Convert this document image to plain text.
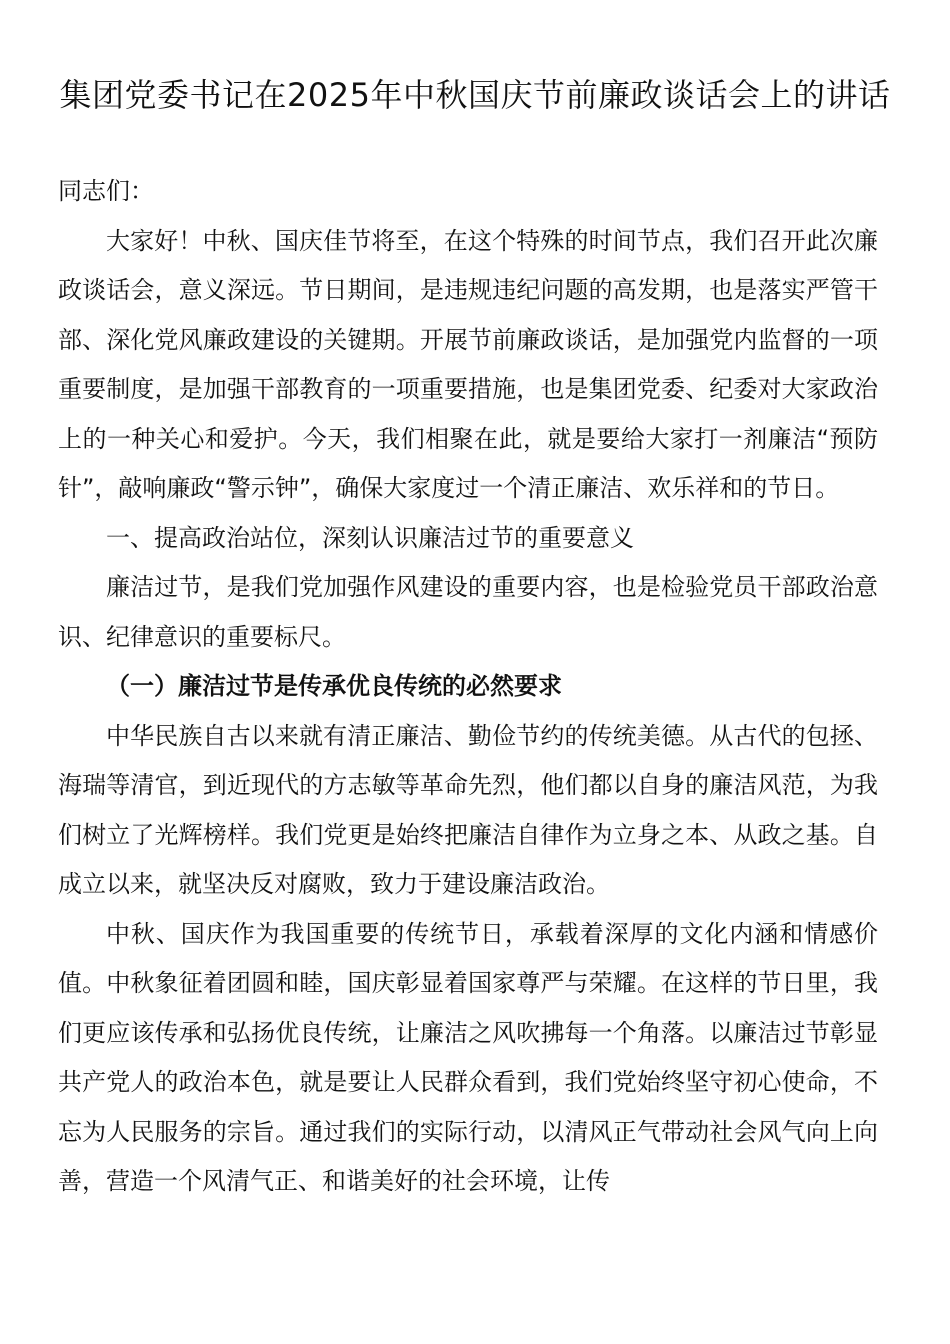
集团党委书记在2025年中秋国庆节前廉政谈话会上的讲话

同志们：

大家好！中秋、国庆佳节将至，在这个特殊的时间节点，我们召开此次廉政谈话会，意义深远。节日期间，是违规违纪问题的高发期，也是落实严管干部、深化党风廉政建设的关键期。开展节前廉政谈话，是加强党内监督的一项重要制度，是加强干部教育的一项重要措施，也是集团党委、纪委对大家政治上的一种关心和爱护。今天，我们相聚在此，就是要给大家打一剂廉洁“预防针”，敲响廉政“警示钟”，确保大家度过一个清正廉洁、欢乐祥和的节日。

一、提高政治站位，深刻认识廉洁过节的重要意义

廉洁过节，是我们党加强作风建设的重要内容，也是检验党员干部政治意识、纪律意识的重要标尺。

（一）廉洁过节是传承优良传统的必然要求

中华民族自古以来就有清正廉洁、勤俭节约的传统美德。从古代的包拯、海瑞等清官，到近现代的方志敏等革命先烈，他们都以自身的廉洁风范，为我们树立了光辉榜样。我们党更是始终把廉洁自律作为立身之本、从政之基。自成立以来，就坚决反对腐败，致力于建设廉洁政治。

中秋、国庆作为我国重要的传统节日，承载着深厚的文化内涵和情感价值。中秋象征着团圆和睦，国庆彰显着国家尊严与荣耀。在这样的节日里，我们更应该传承和弘扬优良传统，让廉洁之风吹拂每一个角落。以廉洁过节彰显共产党人的政治本色，就是要让人民群众看到，我们党始终坚守初心使命，不忘为人民服务的宗旨。通过我们的实际行动，以清风正气带动社会风气向上向善，营造一个风清气正、和谐美好的社会环境，让传
